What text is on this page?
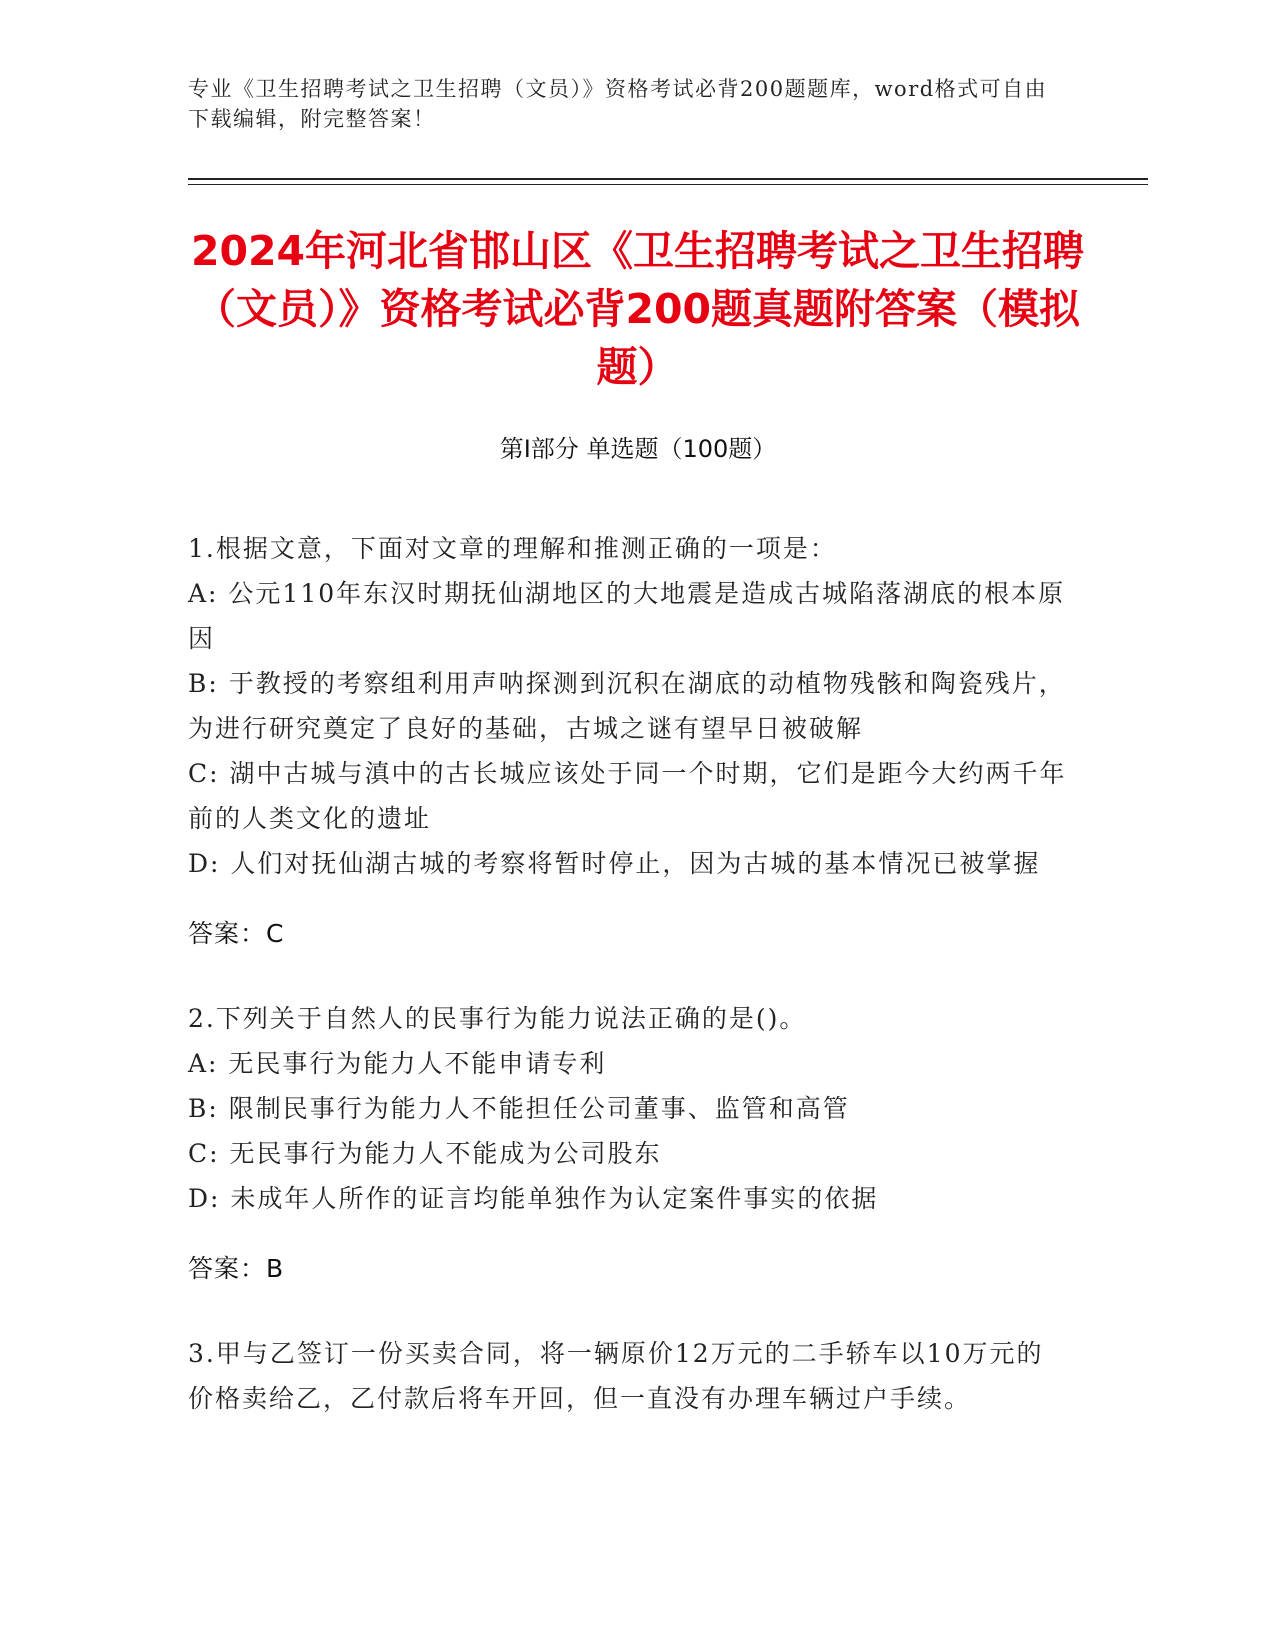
专业《卫生招聘考试之卫生招聘（文员）》资格考试必背200题题库，word格式可自由下载编辑，附完整答案！
2024年河北省邯山区《卫生招聘考试之卫生招聘（文员）》资格考试必背200题真题附答案（模拟题）
第Ⅰ部分 单选题（100题）

1.根据文意，下面对文章的理解和推测正确的一项是：

A: 公元110年东汉时期抚仙湖地区的大地震是造成古城陷落湖底的根本原因

B: 于教授的考察组利用声呐探测到沉积在湖底的动植物残骸和陶瓷残片，为进行研究奠定了良好的基础，古城之谜有望早日被破解

C: 湖中古城与滇中的古长城应该处于同一个时期，它们是距今大约两千年前的人类文化的遗址

D: 人们对抚仙湖古城的考察将暂时停止，因为古城的基本情况已被掌握

答案：C

2.下列关于自然人的民事行为能力说法正确的是()。

A: 无民事行为能力人不能申请专利

B: 限制民事行为能力人不能担任公司董事、监管和高管

C: 无民事行为能力人不能成为公司股东

D: 未成年人所作的证言均能单独作为认定案件事实的依据

答案：B

3.甲与乙签订一份买卖合同，将一辆原价12万元的二手轿车以10万元的价格卖给乙，乙付款后将车开回，但一直没有办理车辆过户手续。
